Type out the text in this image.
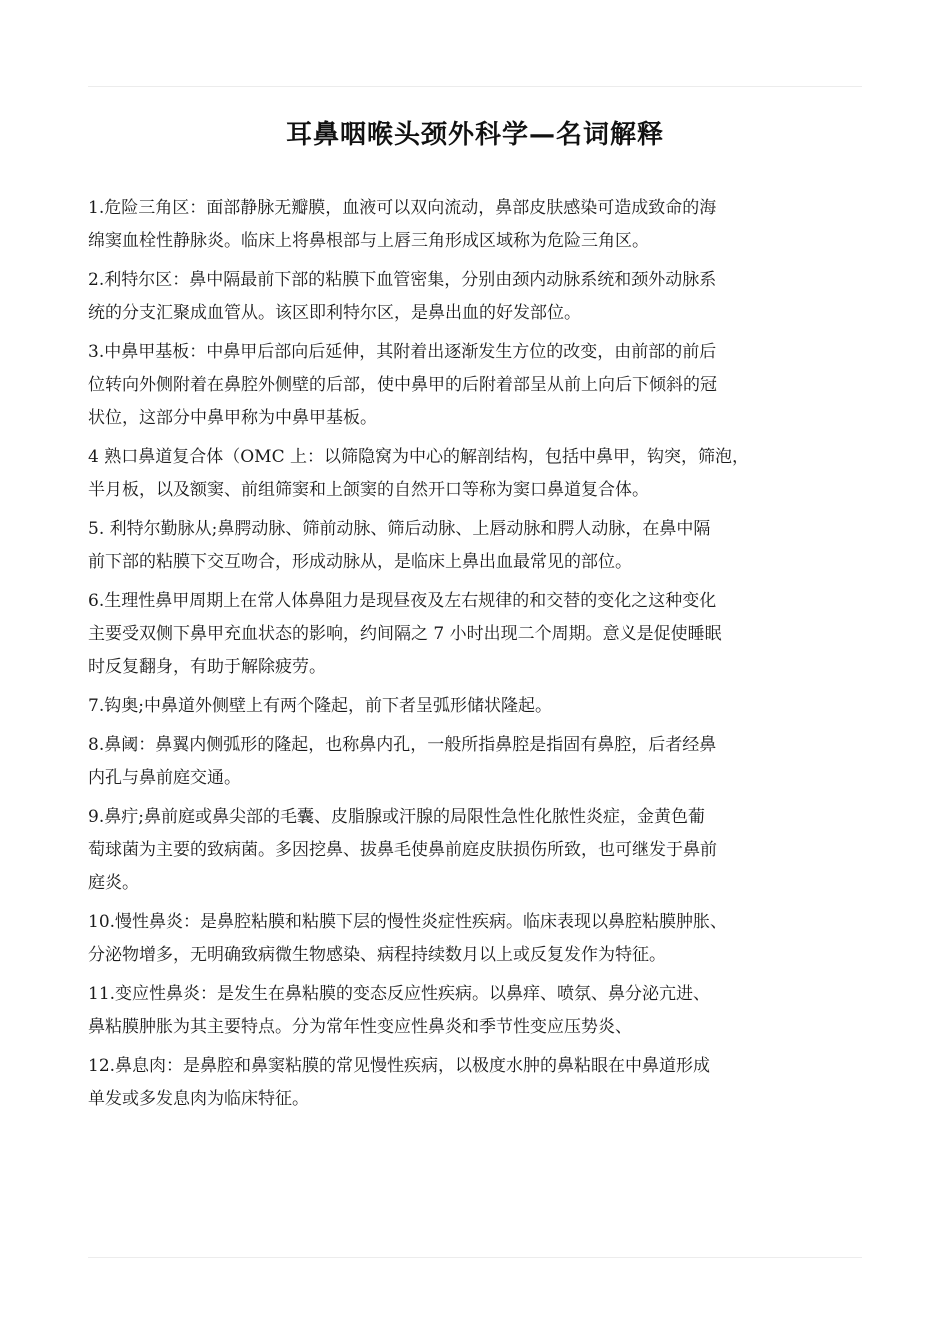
耳鼻咽喉头颈外科学—名词解释
1.危险三角区：面部静脉无瓣膜，血液可以双向流动，鼻部皮肤感染可造成致命的海
绵窦血栓性静脉炎。临床上将鼻根部与上唇三角形成区域称为危险三角区。
2.利特尔区：鼻中隔最前下部的粘膜下血管密集，分别由颈内动脉系统和颈外动脉系
统的分支汇聚成血管从。该区即利特尔区，是鼻出血的好发部位。
3.中鼻甲基板：中鼻甲后部向后延伸，其附着出逐渐发生方位的改变，由前部的前后
位转向外侧附着在鼻腔外侧壁的后部，使中鼻甲的后附着部呈从前上向后下倾斜的冠
状位，这部分中鼻甲称为中鼻甲基板。
4 熟口鼻道复合体（OMC 上：以筛隐窝为中心的解剖结构，包括中鼻甲，钩突，筛泡，
半月板，以及额窦、前组筛窦和上颌窦的自然开口等称为窦口鼻道复合体。
5. 利特尔勤脉从;鼻腭动脉、筛前动脉、筛后动脉、上唇动脉和腭人动脉，在鼻中隔
前下部的粘膜下交互吻合，形成动脉从，是临床上鼻出血最常见的部位。
6.生理性鼻甲周期上在常人体鼻阻力是现昼夜及左右规律的和交替的变化之这种变化
主要受双侧下鼻甲充血状态的影响，约间隔之 7 小时出现二个周期。意义是促使睡眠
时反复翻身，有助于解除疲劳。
7.钩奥;中鼻道外侧壁上有两个隆起，前下者呈弧形储状隆起。
8.鼻阈：鼻翼内侧弧形的隆起，也称鼻内孔，一般所指鼻腔是指固有鼻腔，后者经鼻
内孔与鼻前庭交通。
9.鼻疔;鼻前庭或鼻尖部的毛囊、皮脂腺或汗腺的局限性急性化脓性炎症，金黄色葡
萄球菌为主要的致病菌。多因挖鼻、拔鼻毛使鼻前庭皮肤损伤所致，也可继发于鼻前
庭炎。
10.慢性鼻炎：是鼻腔粘膜和粘膜下层的慢性炎症性疾病。临床表现以鼻腔粘膜肿胀、
分泌物增多，无明确致病微生物感染、病程持续数月以上或反复发作为特征。
11.变应性鼻炎：是发生在鼻粘膜的变态反应性疾病。以鼻痒、喷氛、鼻分泌亢进、
鼻粘膜肿胀为其主要特点。分为常年性变应性鼻炎和季节性变应压势炎、
12.鼻息肉：是鼻腔和鼻窦粘膜的常见慢性疾病，以极度水肿的鼻粘眼在中鼻道形成
单发或多发息肉为临床特征。
